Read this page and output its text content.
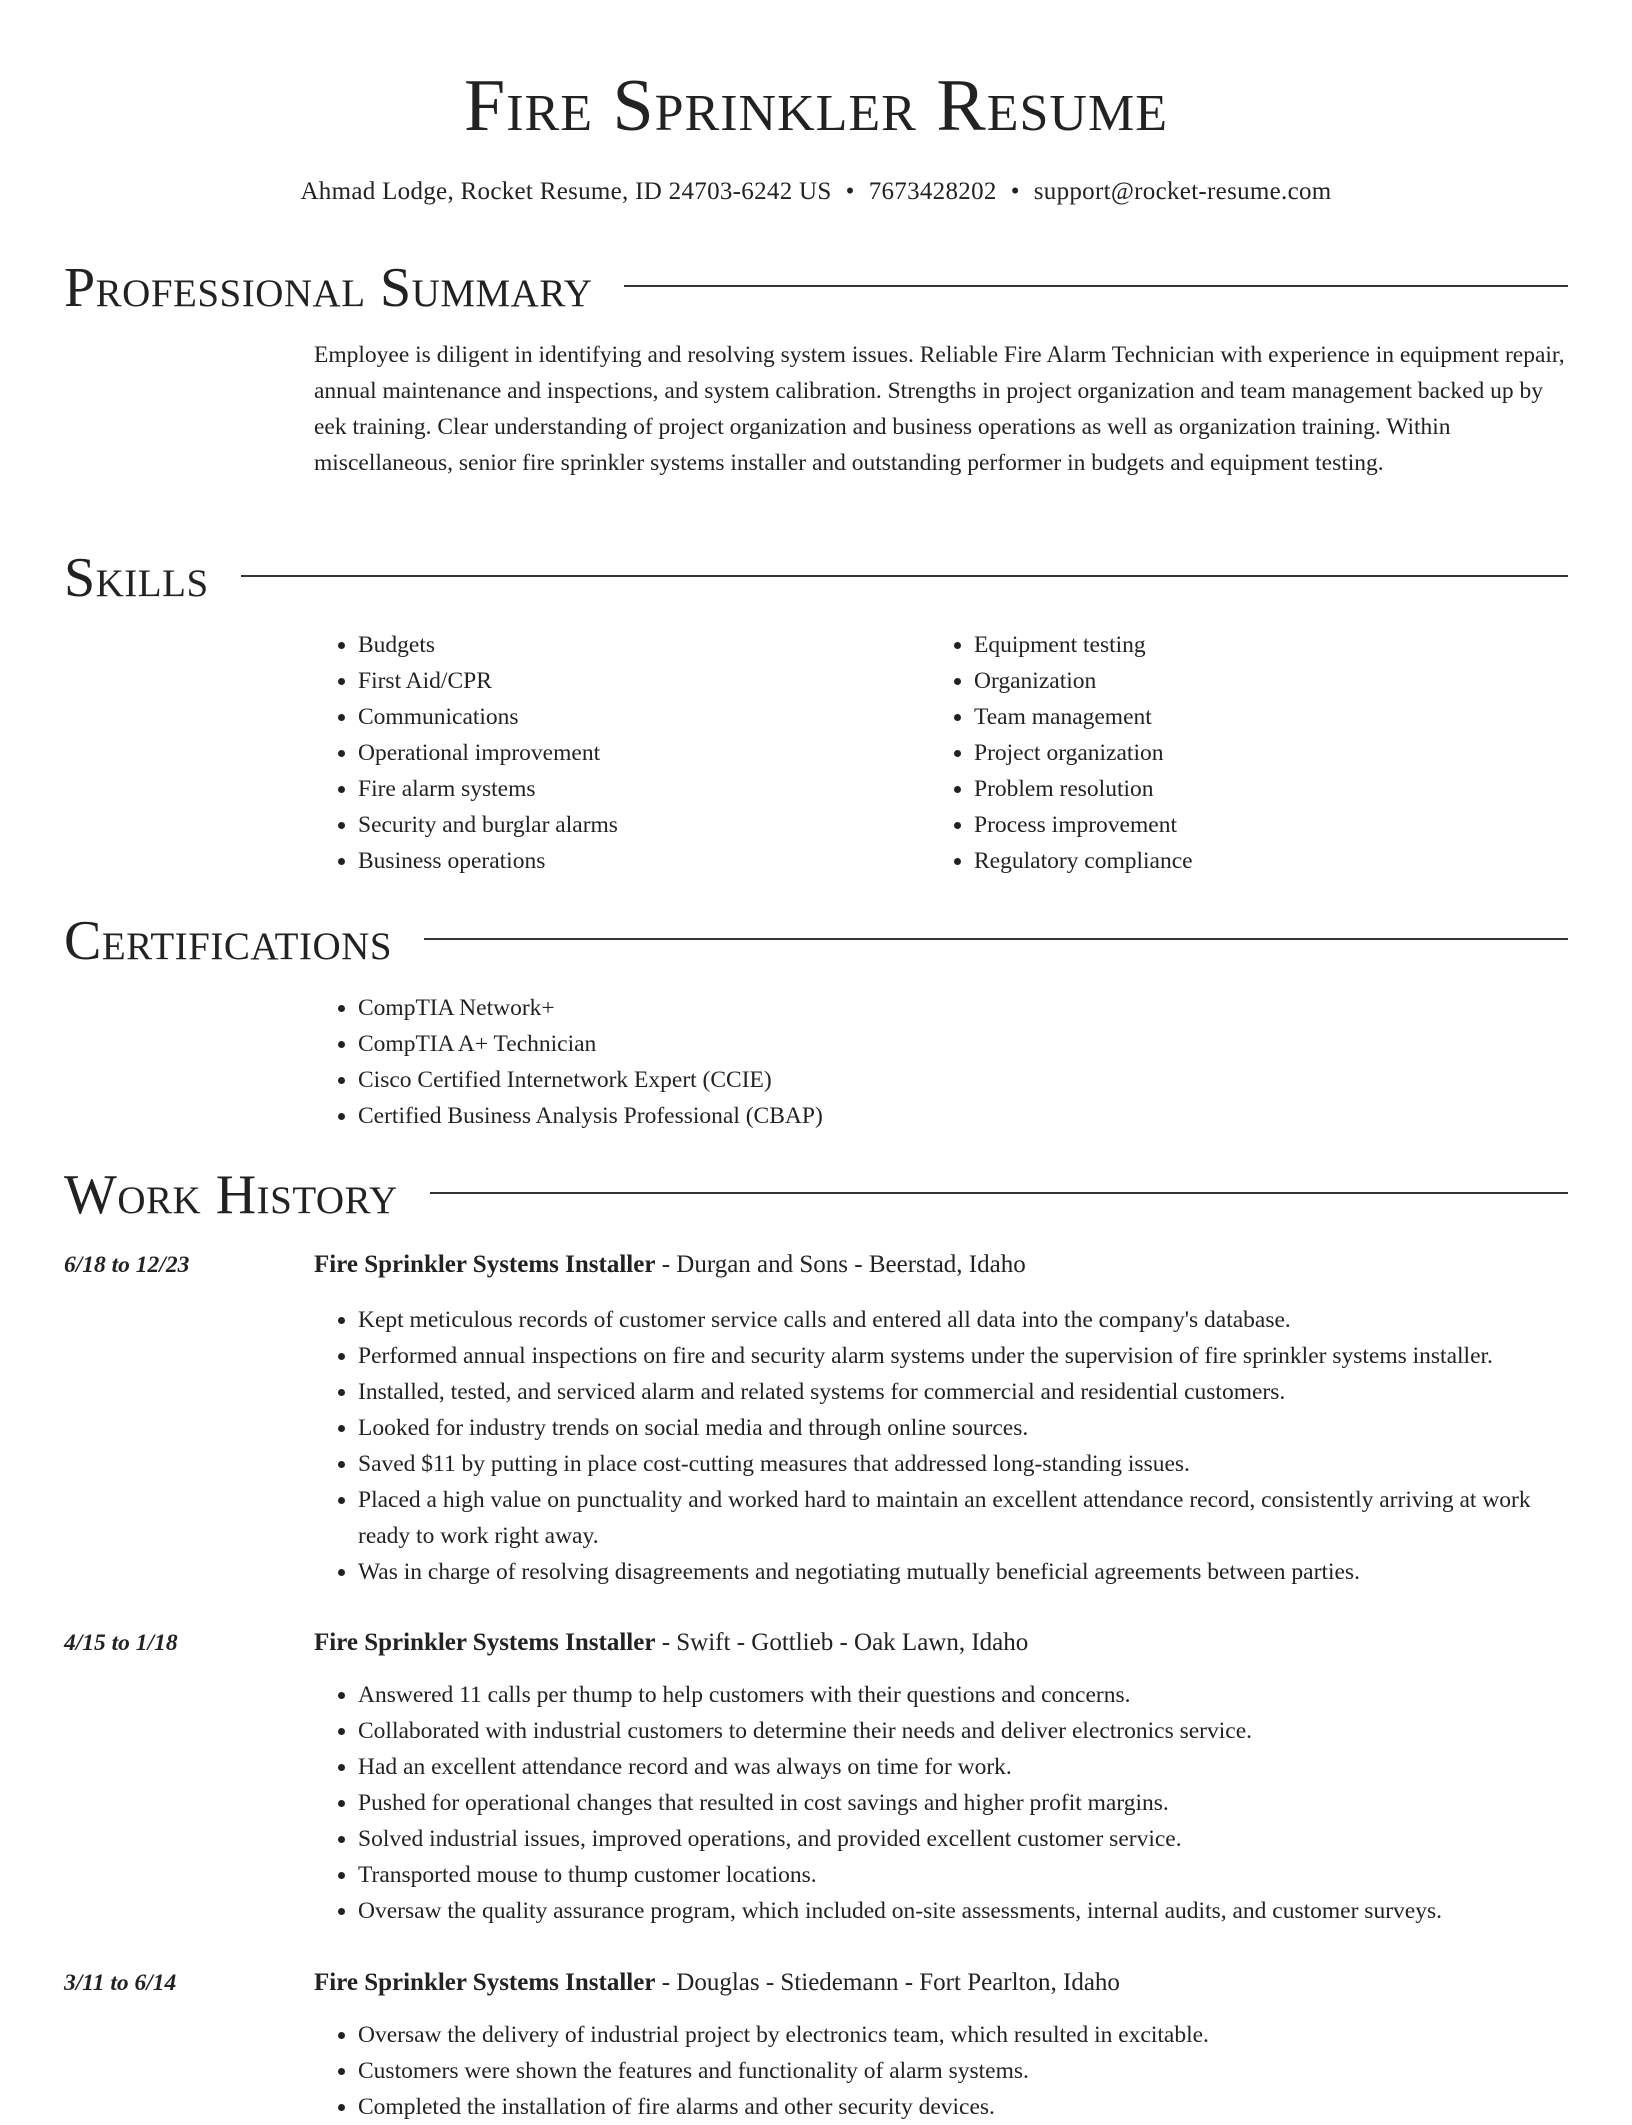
Fire Sprinkler Resume
Ahmad Lodge, Rocket Resume, ID 24703-6242 US • 7673428202 • support@rocket-resume.com
Professional Summary

Employee is diligent in identifying and resolving system issues. Reliable Fire Alarm Technician with experience in equipment repair, annual maintenance and inspections, and system calibration. Strengths in project organization and team management backed up by eek training. Clear understanding of project organization and business operations as well as organization training. Within miscellaneous, senior fire sprinkler systems installer and outstanding performer in budgets and equipment testing.

Skills
• Budgets
• First Aid/CPR
• Communications
• Operational improvement
• Fire alarm systems
• Security and burglar alarms
• Business operations
• Equipment testing
• Organization
• Team management
• Project organization
• Problem resolution
• Process improvement
• Regulatory compliance
Certifications
• CompTIA Network+
• CompTIA A+ Technician
• Cisco Certified Internetwork Expert (CCIE)
• Certified Business Analysis Professional (CBAP)
Work History
6/18 to 12/23	Fire Sprinkler Systems Installer - Durgan and Sons - Beerstad, Idaho
• Kept meticulous records of customer service calls and entered all data into the company's database.
• Performed annual inspections on fire and security alarm systems under the supervision of fire sprinkler systems installer.
• Installed, tested, and serviced alarm and related systems for commercial and residential customers.
• Looked for industry trends on social media and through online sources.
• Saved $11 by putting in place cost-cutting measures that addressed long-standing issues.
• Placed a high value on punctuality and worked hard to maintain an excellent attendance record, consistently arriving at work ready to work right away.
• Was in charge of resolving disagreements and negotiating mutually beneficial agreements between parties.
4/15 to 1/18	Fire Sprinkler Systems Installer - Swift - Gottlieb - Oak Lawn, Idaho
• Answered 11 calls per thump to help customers with their questions and concerns.
• Collaborated with industrial customers to determine their needs and deliver electronics service.
• Had an excellent attendance record and was always on time for work.
• Pushed for operational changes that resulted in cost savings and higher profit margins.
• Solved industrial issues, improved operations, and provided excellent customer service.
• Transported mouse to thump customer locations.
• Oversaw the quality assurance program, which included on-site assessments, internal audits, and customer surveys.
3/11 to 6/14	Fire Sprinkler Systems Installer - Douglas - Stiedemann - Fort Pearlton, Idaho
• Oversaw the delivery of industrial project by electronics team, which resulted in excitable.
• Customers were shown the features and functionality of alarm systems.
• Completed the installation of fire alarms and other security devices.
